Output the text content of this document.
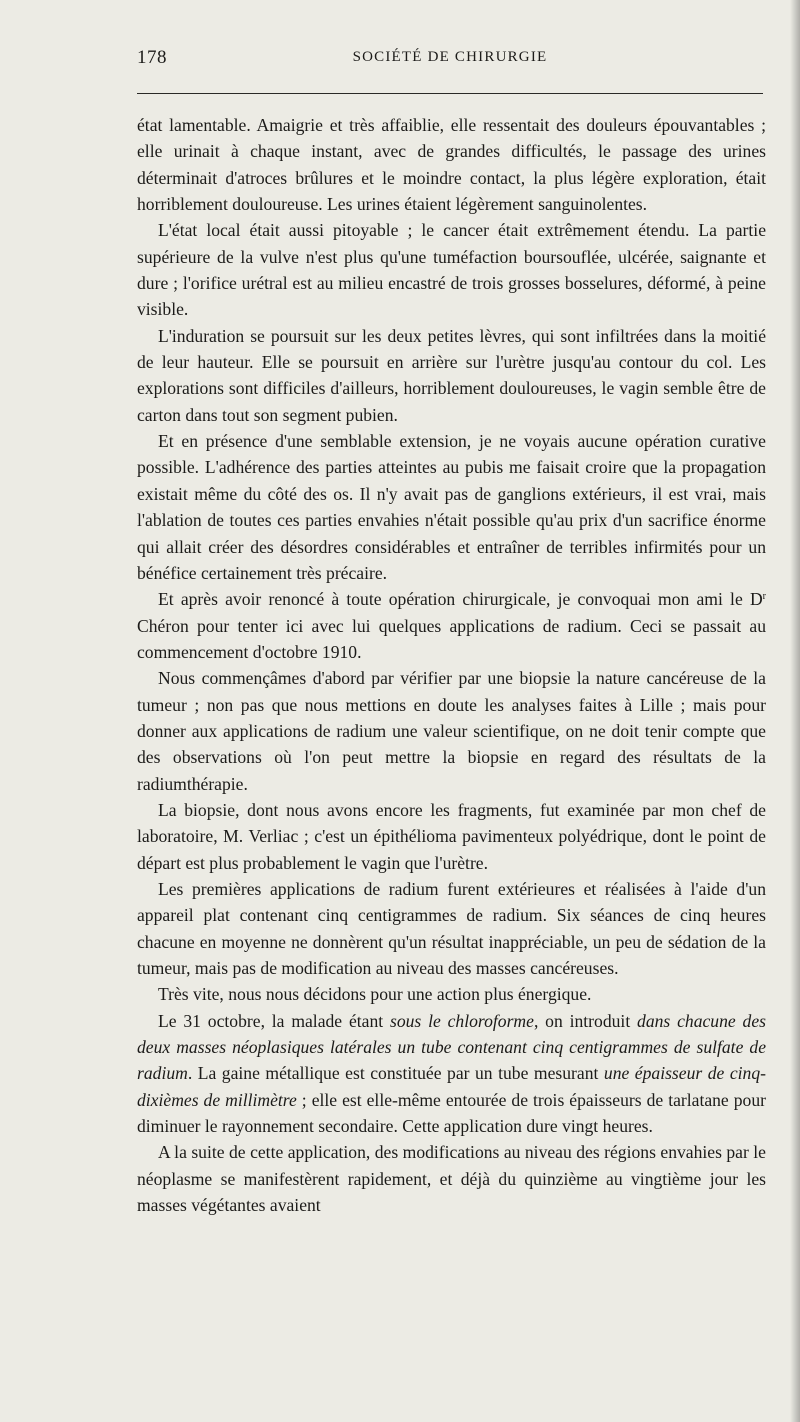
178	SOCIÉTÉ DE CHIRURGIE

état lamentable. Amaigrie et très affaiblie, elle ressentait des douleurs épouvantables ; elle urinait à chaque instant, avec de grandes difficultés, le passage des urines déterminait d'atroces brûlures et le moindre contact, la plus légère exploration, était horriblement douloureuse. Les urines étaient légèrement sanguinolentes.

L'état local était aussi pitoyable ; le cancer était extrêmement étendu. La partie supérieure de la vulve n'est plus qu'une tuméfaction boursouflée, ulcérée, saignante et dure ; l'orifice urétral est au milieu encastré de trois grosses bosselures, déformé, à peine visible.

L'induration se poursuit sur les deux petites lèvres, qui sont infiltrées dans la moitié de leur hauteur. Elle se poursuit en arrière sur l'urètre jusqu'au contour du col. Les explorations sont difficiles d'ailleurs, horriblement douloureuses, le vagin semble être de carton dans tout son segment pubien.

Et en présence d'une semblable extension, je ne voyais aucune opération curative possible. L'adhérence des parties atteintes au pubis me faisait croire que la propagation existait même du côté des os. Il n'y avait pas de ganglions extérieurs, il est vrai, mais l'ablation de toutes ces parties envahies n'était possible qu'au prix d'un sacrifice énorme qui allait créer des désordres considérables et entraîner de terribles infirmités pour un bénéfice certainement très précaire.

Et après avoir renoncé à toute opération chirurgicale, je convoquai mon ami le $D^r$ Chéron pour tenter ici avec lui quelques applications de radium. Ceci se passait au commencement d'octobre 1910.

Nous commençâmes d'abord par vérifier par une biopsie la nature cancéreuse de la tumeur ; non pas que nous mettions en doute les analyses faites à Lille ; mais pour donner aux applications de radium une valeur scientifique, on ne doit tenir compte que des observations où l'on peut mettre la biopsie en regard des résultats de la radiumthérapie.

La biopsie, dont nous avons encore les fragments, fut examinée par mon chef de laboratoire, M. Verliac ; c'est un épithélioma pavimenteux polyédrique, dont le point de départ est plus probablement le vagin que l'urètre.

Les premières applications de radium furent extérieures et réalisées à l'aide d'un appareil plat contenant cinq centigrammes de radium. Six séances de cinq heures chacune en moyenne ne donnèrent qu'un résultat inappréciable, un peu de sédation de la tumeur, mais pas de modification au niveau des masses cancéreuses.

Très vite, nous nous décidons pour une action plus énergique.

Le 31 octobre, la malade étant sous le chloroforme, on introduit dans chacune des deux masses néoplasiques latérales un tube contenant cinq centigrammes de sulfate de radium. La gaine métallique est constituée par un tube mesurant une épaisseur de cinq-dixièmes de millimètre ; elle est elle-même entourée de trois épaisseurs de tarlatane pour diminuer le rayonnement secondaire. Cette application dure vingt heures.

A la suite de cette application, des modifications au niveau des régions envahies par le néoplasme se manifestèrent rapidement, et déjà du quinzième au vingtième jour les masses végétantes avaient
